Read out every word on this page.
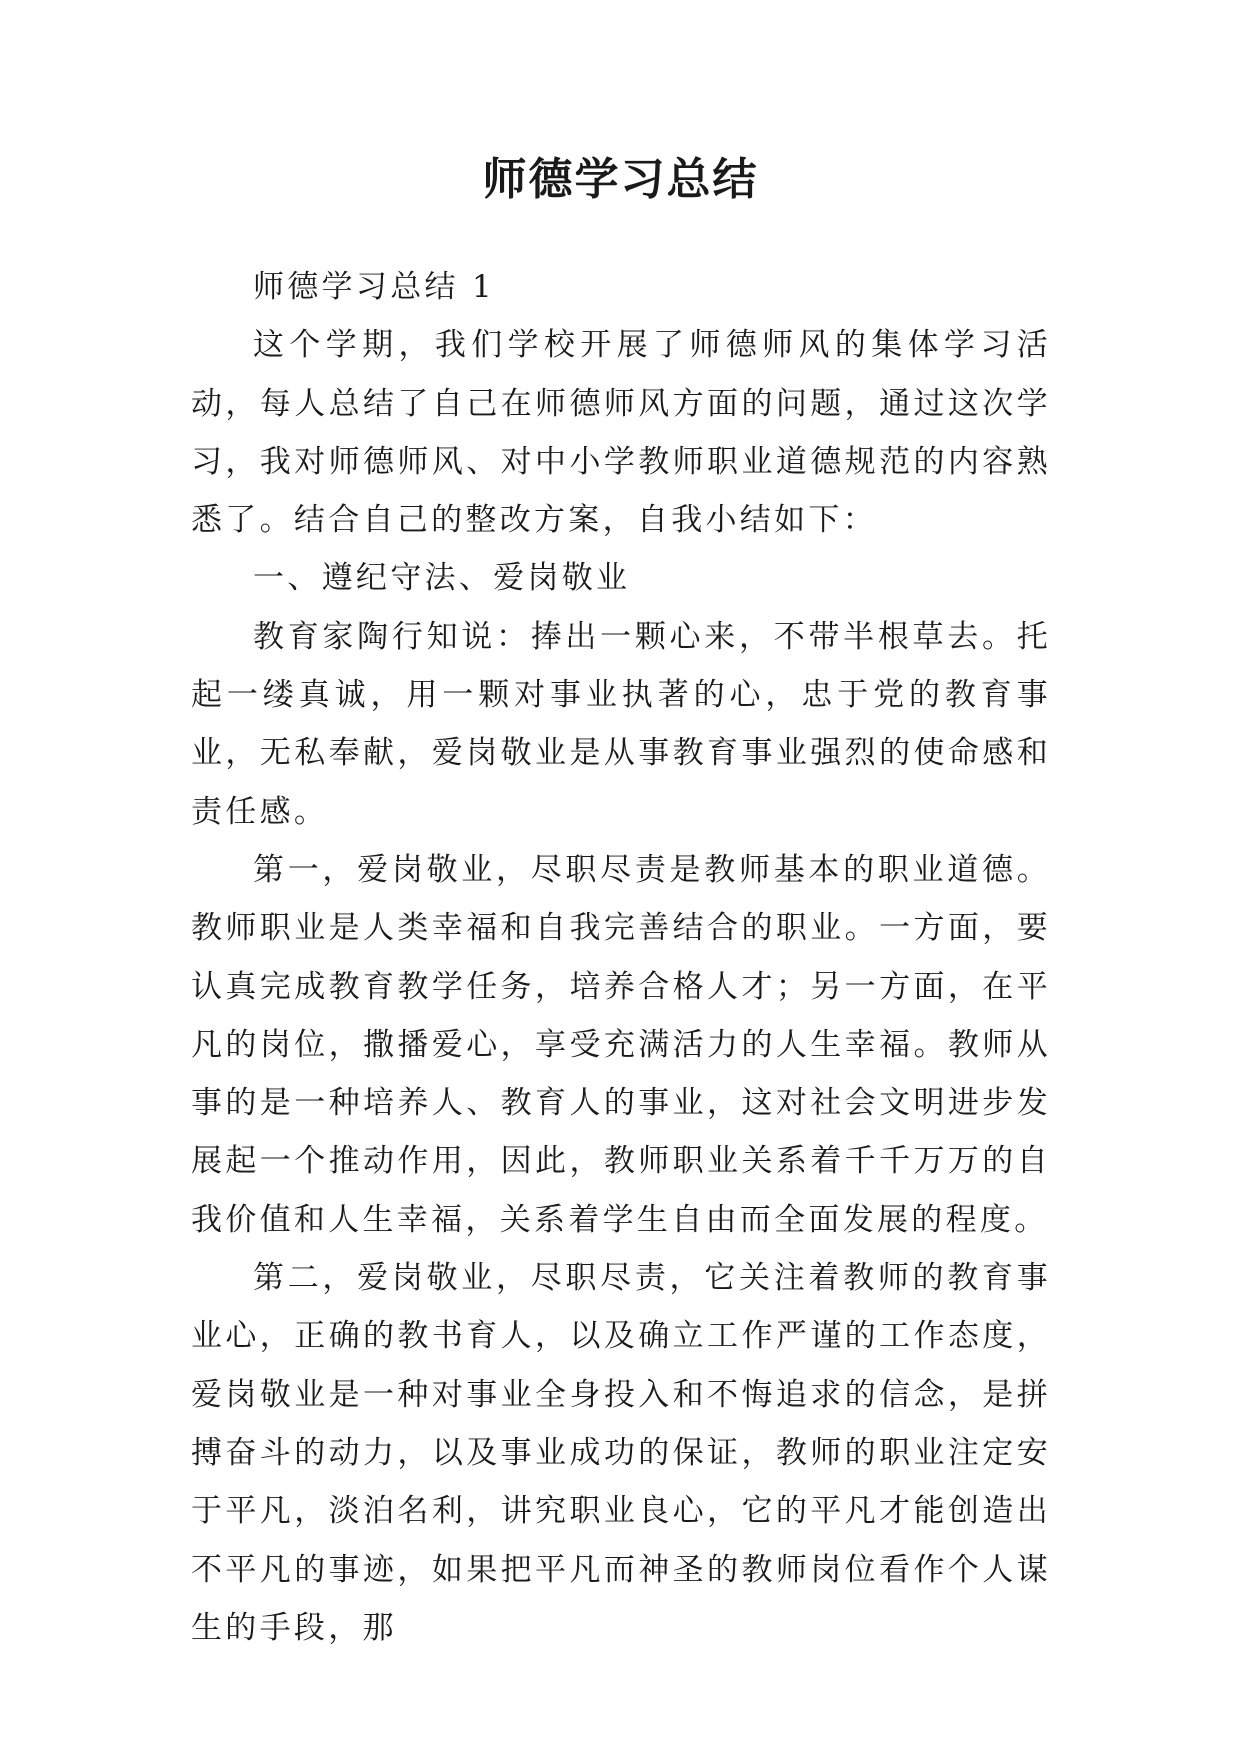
师德学习总结

师德学习总结 1

这个学期，我们学校开展了师德师风的集体学习活动，每人总结了自己在师德师风方面的问题，通过这次学习，我对师德师风、对中小学教师职业道德规范的内容熟悉了。结合自己的整改方案，自我小结如下：

一、遵纪守法、爱岗敬业

教育家陶行知说：捧出一颗心来，不带半根草去。托起一缕真诚，用一颗对事业执著的心，忠于党的教育事业，无私奉献，爱岗敬业是从事教育事业强烈的使命感和责任感。

第一，爱岗敬业，尽职尽责是教师基本的职业道德。教师职业是人类幸福和自我完善结合的职业。一方面，要认真完成教育教学任务，培养合格人才；另一方面，在平凡的岗位，撒播爱心，享受充满活力的人生幸福。教师从事的是一种培养人、教育人的事业，这对社会文明进步发展起一个推动作用，因此，教师职业关系着千千万万的自我价值和人生幸福，关系着学生自由而全面发展的程度。

第二，爱岗敬业，尽职尽责，它关注着教师的教育事业心，正确的教书育人，以及确立工作严谨的工作态度，爱岗敬业是一种对事业全身投入和不悔追求的信念，是拼搏奋斗的动力，以及事业成功的保证，教师的职业注定安于平凡，淡泊名利，讲究职业良心，它的平凡才能创造出不平凡的事迹，如果把平凡而神圣的教师岗位看作个人谋生的手段，那
